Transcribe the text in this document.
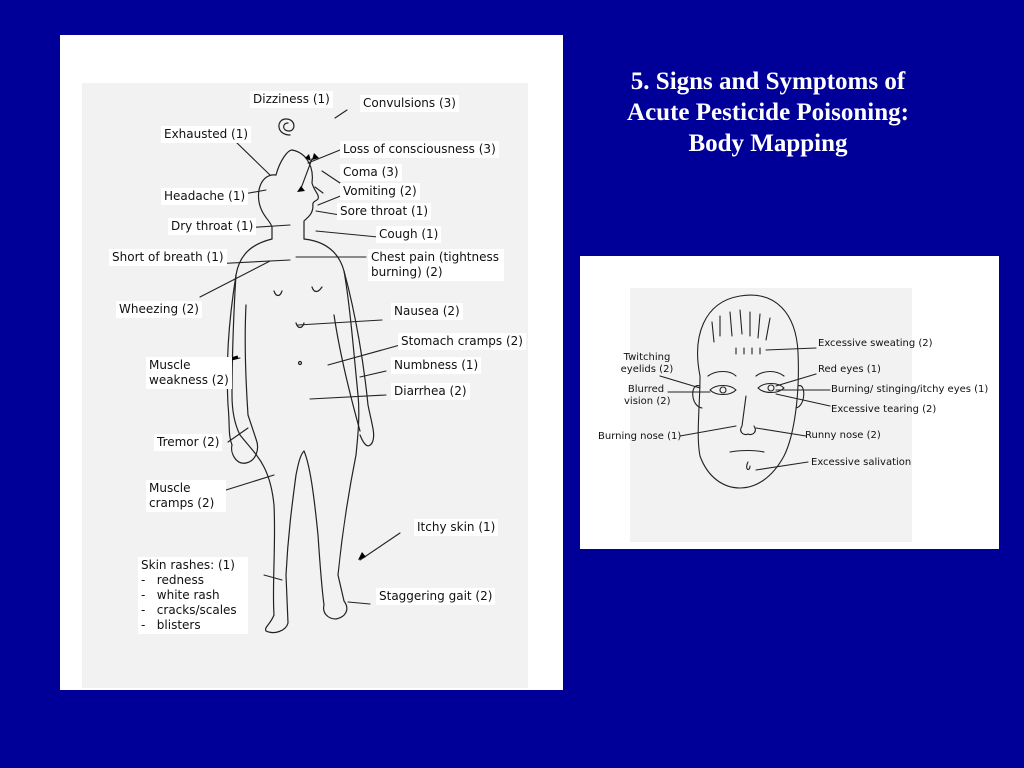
5. Signs and Symptoms of
Acute Pesticide Poisoning:
Body Mapping
Dizziness (1)	Convulsions (3)
Exhausted (1)
Loss of consciousness (3)
Coma (3)
Vomiting (2)
Headache (1)
Sore throat (1)
Dry throat (1)
Cough (1)
Short of breath (1)	Chest pain (tightness
burning) (2)
Wheezing (2)	Nausea (2)
Stomach cramps (2)
Muscle
weakness (2)
Numbness (1)
Diarrhea (2)
Tremor (2)
Muscle
cramps (2)
Itchy skin (1)
Skin rashes: (1)
-   redness
-   white rash
-   cracks/scales
-   blisters
Staggering gait (2)
Excessive sweating (2)
Twitching
eyelids (2)	Red eyes (1)
Blurred
vision (2)
Burning/ stinging/itchy eyes (1)
Excessive tearing (2)
Burning nose (1)	Runny nose (2)
Excessive salivation
